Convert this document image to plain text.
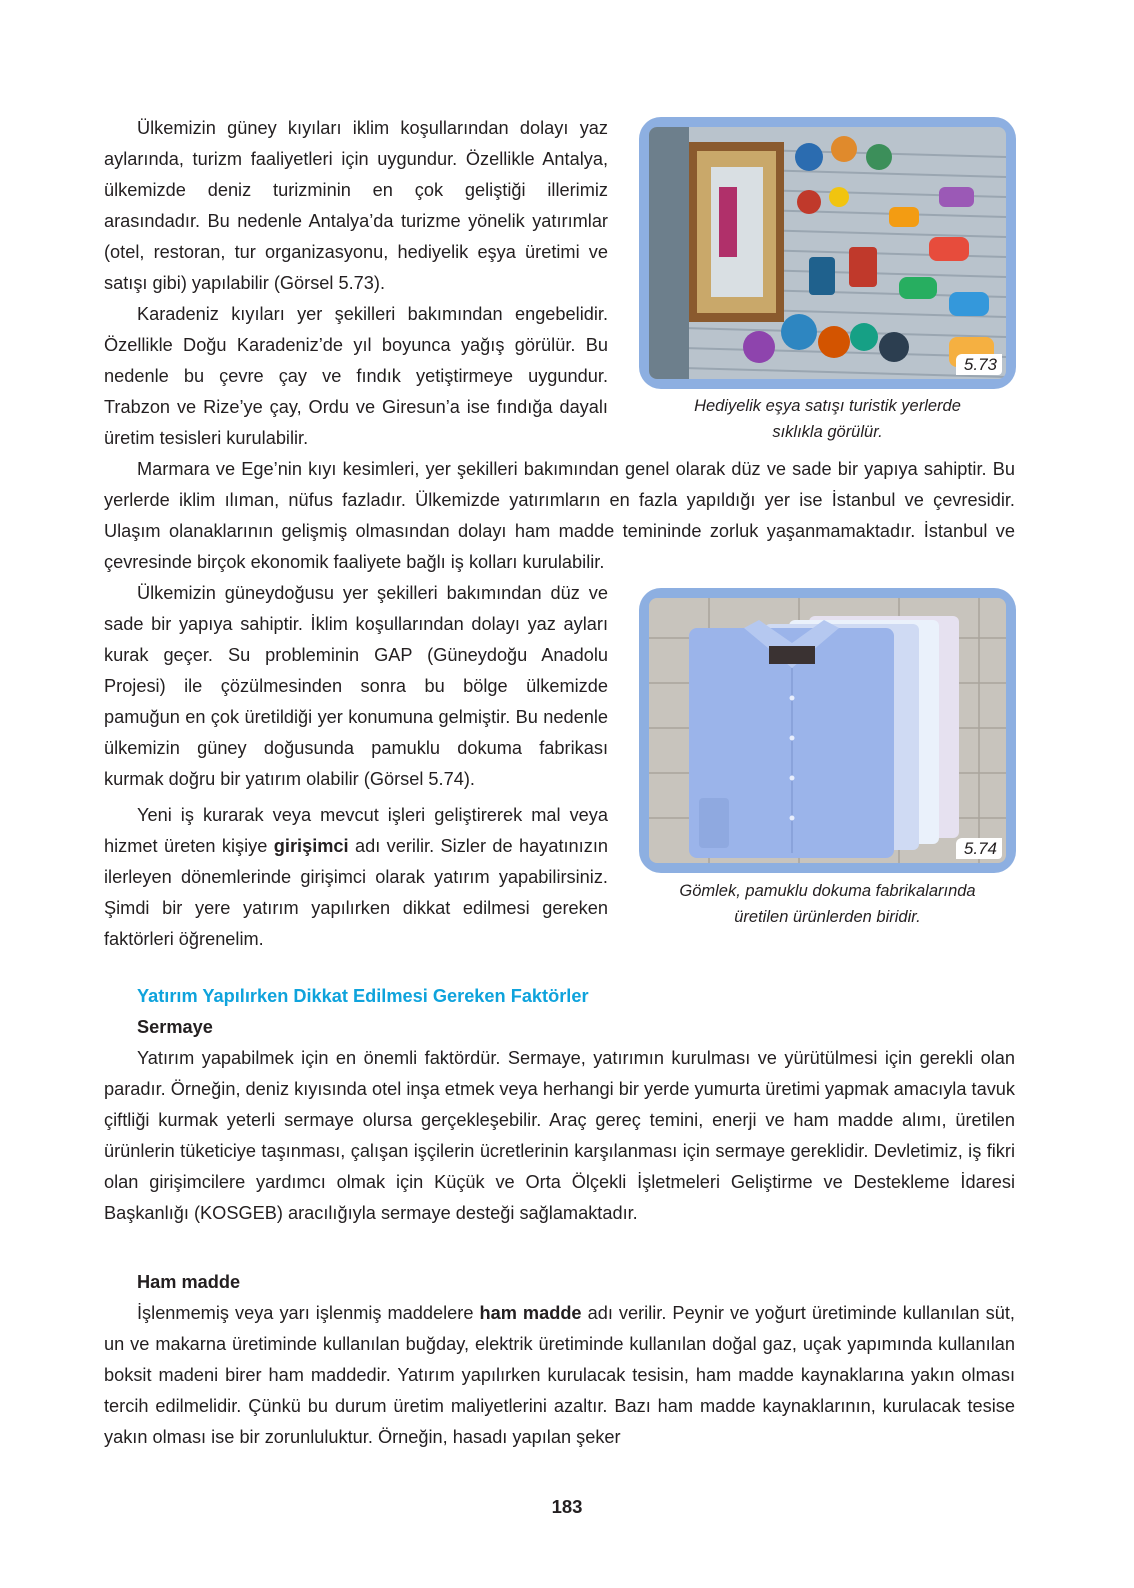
Ülkemizin güney kıyıları iklim koşullarından dolayı yaz aylarında, turizm faaliyetleri için uygundur. Özellikle Antalya, ülkemizde deniz turizminin en çok geliştiği illerimiz arasındadır. Bu nedenle Antalya’da turizme yönelik yatırımlar (otel, restoran, tur organizasyonu, hediyelik eşya üretimi ve satışı gibi) yapılabilir (Görsel 5.73).

Karadeniz kıyıları yer şekilleri bakımından engebelidir. Özellikle Doğu Karadeniz’de yıl boyunca yağış görülür. Bu nedenle bu çevre çay ve fındık yetiştirmeye uygundur. Trabzon ve Rize’ye çay, Ordu ve Giresun’a ise fındığa dayalı üretim tesisleri kurulabilir.

5.73

Hediyelik eşya satışı turistik yerlerde
sıklıkla görülür.

Marmara ve Ege’nin kıyı kesimleri, yer şekilleri bakımından genel olarak düz ve sade bir yapıya sahiptir. Bu yerlerde iklim ılıman, nüfus fazladır. Ülkemizde yatırımların en fazla yapıldığı yer ise İstanbul ve çevresidir. Ulaşım olanaklarının gelişmiş olmasından dolayı ham madde temininde zorluk yaşanmamaktadır. İstanbul ve çevresinde birçok ekonomik faaliyete bağlı iş kolları kurulabilir.

Ülkemizin güneydoğusu yer şekilleri bakımından düz ve sade bir yapıya sahiptir. İklim koşullarından dolayı yaz ayları kurak geçer. Su probleminin GAP (Güneydoğu Anadolu Projesi) ile çözülmesinden sonra bu bölge ülkemizde pamuğun en çok üretildiği yer konumuna gelmiştir. Bu nedenle ülkemizin güney doğusunda pamuklu dokuma fabrikası kurmak doğru bir yatırım olabilir (Görsel 5.74).

Yeni iş kurarak veya mevcut işleri geliştirerek mal veya hizmet üreten kişiye girişimci adı verilir. Sizler de hayatınızın ilerleyen dönemlerinde girişimci olarak yatırım yapabilirsiniz. Şimdi bir yere yatırım yapılırken dikkat edilmesi gereken faktörleri öğrenelim.

5.74

Gömlek, pamuklu dokuma fabrikalarında
üretilen ürünlerden biridir.

Yatırım Yapılırken Dikkat Edilmesi Gereken Faktörler
Sermaye

Yatırım yapabilmek için en önemli faktördür. Sermaye, yatırımın kurulması ve yürütülmesi için gerekli olan paradır. Örneğin, deniz kıyısında otel inşa etmek veya herhangi bir yerde yumurta üretimi yapmak amacıyla tavuk çiftliği kurmak yeterli sermaye olursa gerçekleşebilir. Araç gereç temini, enerji ve ham madde alımı, üretilen ürünlerin tüketiciye taşınması, çalışan işçilerin ücretlerinin karşılanması için sermaye gereklidir. Devletimiz, iş fikri olan girişimcilere yardımcı olmak için Küçük ve Orta Ölçekli İşletmeleri Geliştirme ve Destekleme İdaresi Başkanlığı (KOSGEB) aracılığıyla sermaye desteği sağlamaktadır.

Ham madde

İşlenmemiş veya yarı işlenmiş maddelere ham madde adı verilir. Peynir ve yoğurt üretiminde kullanılan süt, un ve makarna üretiminde kullanılan buğday, elektrik üretiminde kullanılan doğal gaz, uçak yapımında kullanılan boksit madeni birer ham maddedir. Yatırım yapılırken kurulacak tesisin, ham madde kaynaklarına yakın olması tercih edilmelidir. Çünkü bu durum üretim maliyetlerini azaltır. Bazı ham madde kaynaklarının, kurulacak tesise yakın olması ise bir zorunluluktur. Örneğin, hasadı yapılan şeker

183
